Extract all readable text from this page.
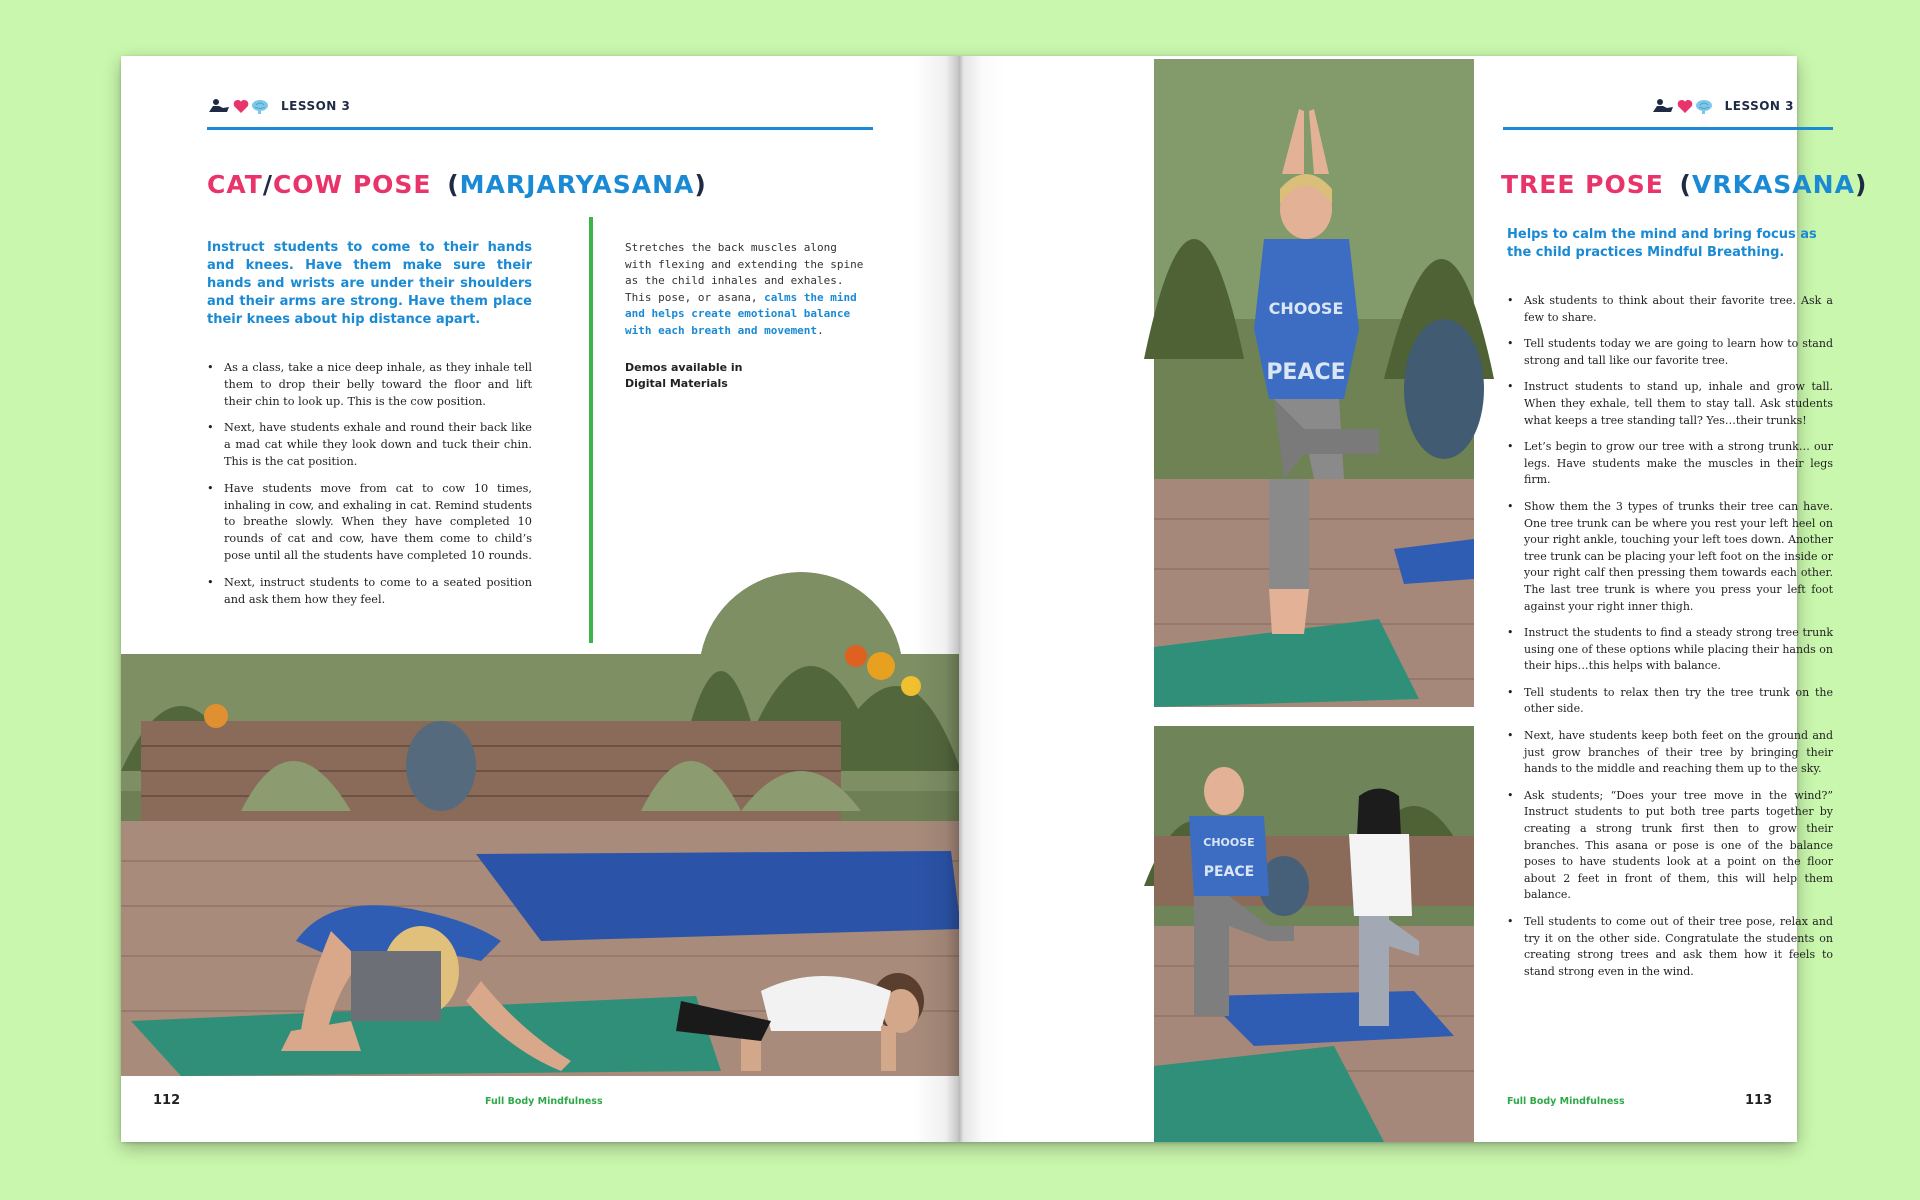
LESSON 3
CAT/COW POSE (MARJARYASANA)
Instruct students to come to their hands and knees. Have them make sure their hands and wrists are under their shoulders and their arms are strong. Have them place their knees about hip distance apart.
• As a class, take a nice deep inhale, as they inhale tell them to drop their belly toward the floor and lift their chin to look up. This is the cow position.
• Next, have students exhale and round their back like a mad cat while they look down and tuck their chin. This is the cat position.
• Have students move from cat to cow 10 times, inhaling in cow, and exhaling in cat. Remind students to breathe slowly. When they have completed 10 rounds of cat and cow, have them come to child’s pose until all the students have completed 10 rounds.
• Next, instruct students to come to a seated position and ask them how they feel.
Stretches the back muscles along with flexing and extending the spine as the child inhales and exhales. This pose, or asana, calms the mind and helps create emotional balance with each breath and movement.
Demos available in Digital Materials
112	Full Body Mindfulness
CHOOSE
PEACE
CHOOSE
PEACE
LESSON 3
TREE POSE (VRKASANA)
Helps to calm the mind and bring focus as the child practices Mindful Breathing.
• Ask students to think about their favorite tree. Ask a few to share.
• Tell students today we are going to learn how to stand strong and tall like our favorite tree.
• Instruct students to stand up, inhale and grow tall. When they exhale, tell them to stay tall. Ask students what keeps a tree standing tall? Yes…their trunks!
• Let’s begin to grow our tree with a strong trunk… our legs. Have students make the muscles in their legs firm.
• Show them the 3 types of trunks their tree can have. One tree trunk can be where you rest your left heel on your right ankle, touching your left toes down. Another tree trunk can be placing your left foot on the inside or your right calf then pressing them towards each other. The last tree trunk is where you press your left foot against your right inner thigh.
• Instruct the students to find a steady strong tree trunk using one of these options while placing their hands on their hips…this helps with balance.
• Tell students to relax then try the tree trunk on the other side.
• Next, have students keep both feet on the ground and just grow branches of their tree by bringing their hands to the middle and reaching them up to the sky.
• Ask students; “Does your tree move in the wind?” Instruct students to put both tree parts together by creating a strong trunk first then to grow their branches. This asana or pose is one of the balance poses to have students look at a point on the floor about 2 feet in front of them, this will help them balance.
• Tell students to come out of their tree pose, relax and try it on the other side. Congratulate the students on creating strong trees and ask them how it feels to stand strong even in the wind.
Full Body Mindfulness	113
